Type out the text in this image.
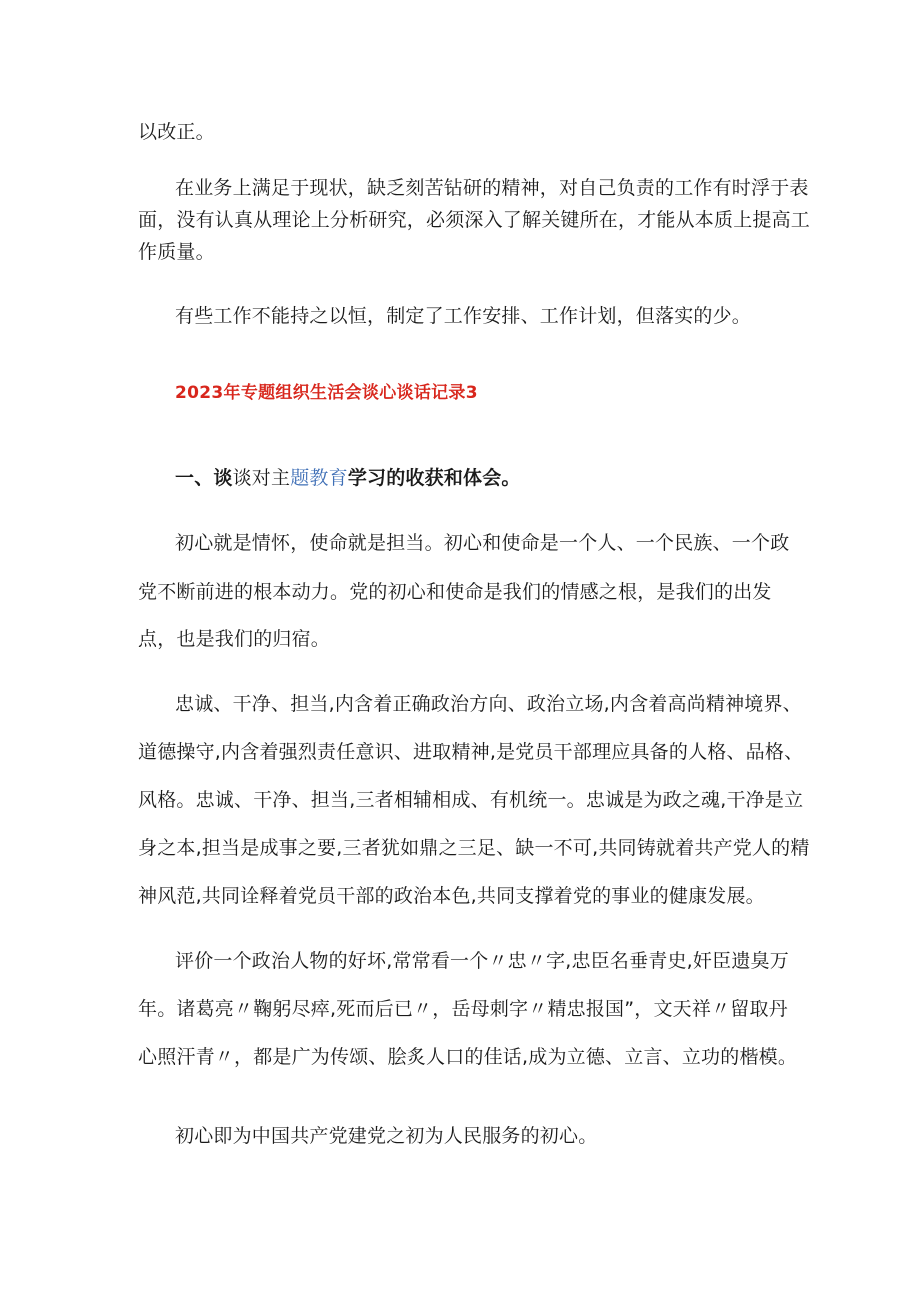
以改正。
在业务上满足于现状，缺乏刻苦钻研的精神，对自己负责的工作有时浮于表
面，没有认真从理论上分析研究，必须深入了解关键所在，才能从本质上提高工
作质量。
有些工作不能持之以恒，制定了工作安排、工作计划，但落实的少。
2023年专题组织生活会谈心谈话记录3
一、谈谈对主题教育学习的收获和体会。
初心就是情怀，使命就是担当。初心和使命是一个人、一个民族、一个政
党不断前进的根本动力。党的初心和使命是我们的情感之根，是我们的出发
点，也是我们的归宿。
忠诚、干净、担当,内含着正确政治方向、政治立场,内含着高尚精神境界、
道德操守,内含着强烈责任意识、进取精神,是党员干部理应具备的人格、品格、
风格。忠诚、干净、担当,三者相辅相成、有机统一。忠诚是为政之魂,干净是立
身之本,担当是成事之要,三者犹如鼎之三足、缺一不可,共同铸就着共产党人的精
神风范,共同诠释着党员干部的政治本色,共同支撑着党的事业的健康发展。
评价一个政治人物的好坏,常常看一个〃忠〃字,忠臣名垂青史,奸臣遗臭万
年。诸葛亮〃鞠躬尽瘁,死而后已〃，岳母刺字〃精忠报国”，文天祥〃留取丹
心照汗青〃，都是广为传颂、脍炙人口的佳话,成为立德、立言、立功的楷模。
初心即为中国共产党建党之初为人民服务的初心。
